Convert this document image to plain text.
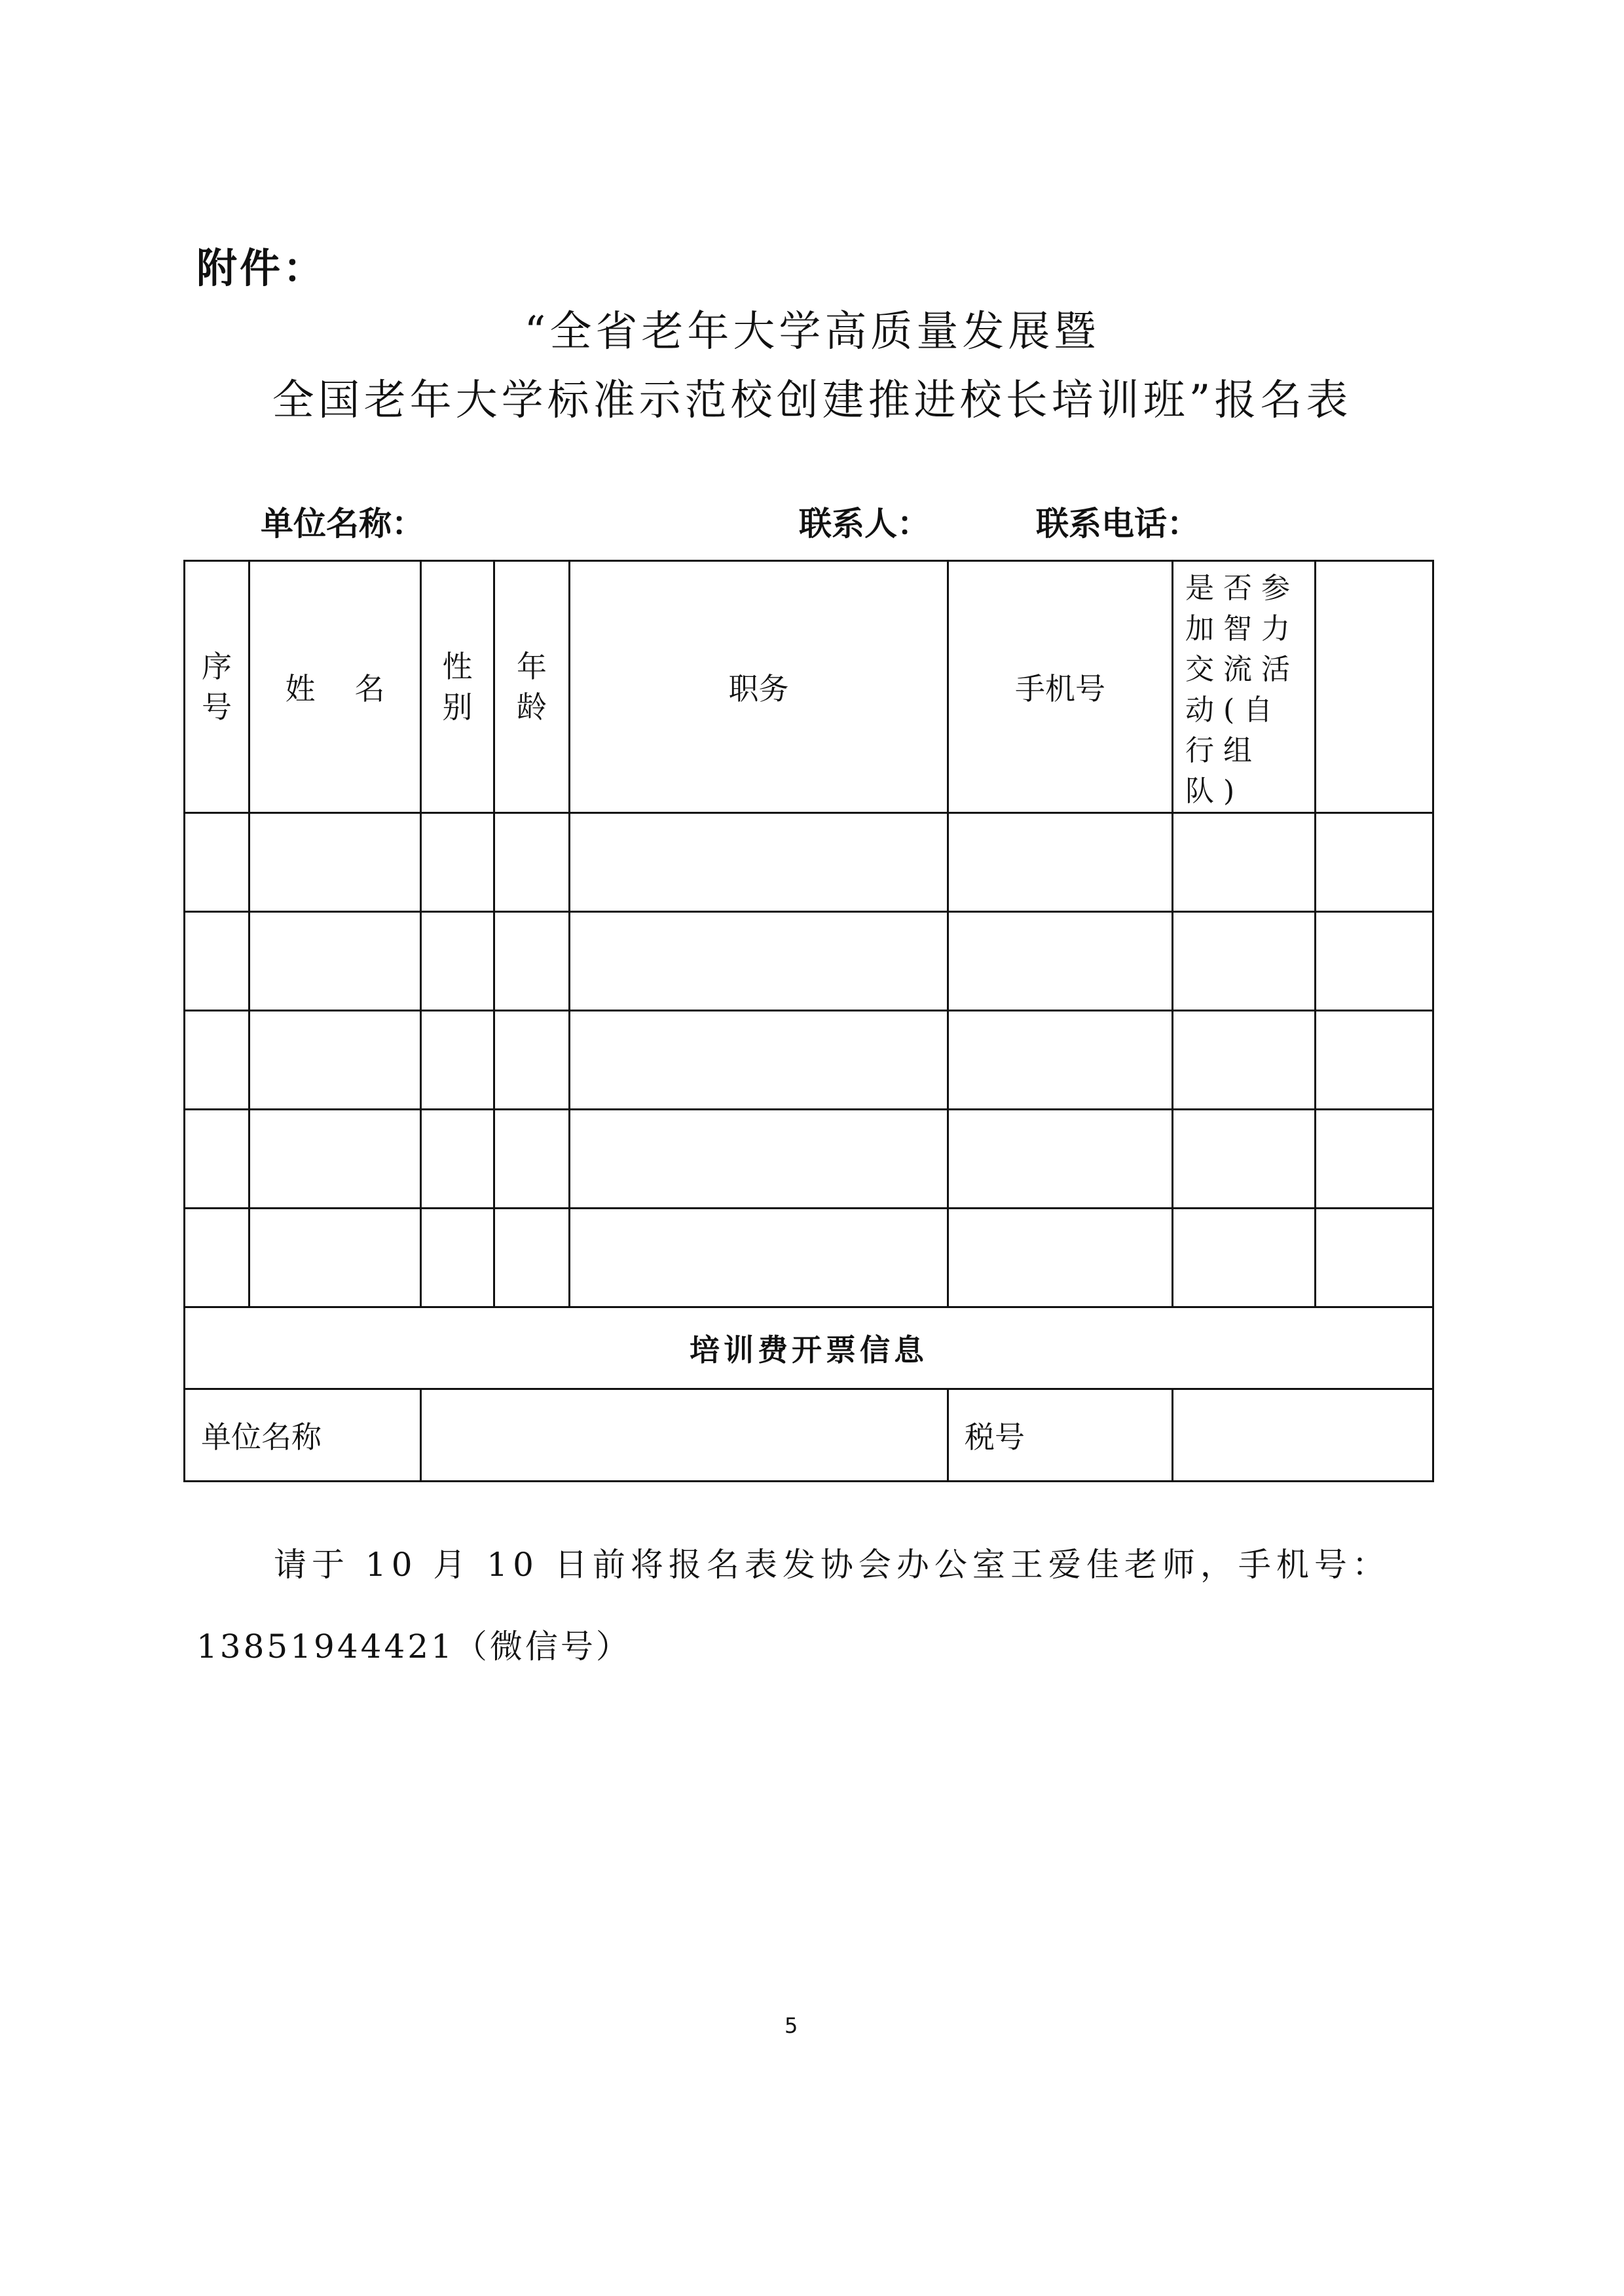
附件：
“全省老年大学高质量发展暨
全国老年大学标准示范校创建推进校长培训班”报名表
单位名称：	联系人：	联系电话：
序号	姓名	性别	年龄	职务	手机号	是否参加智力交流活动(自行组队)	

培训费开票信息							
单位名称					税号		
请于 10 月 10 日前将报名表发协会办公室王爱佳老师，手机号：
13851944421（微信号）
5
